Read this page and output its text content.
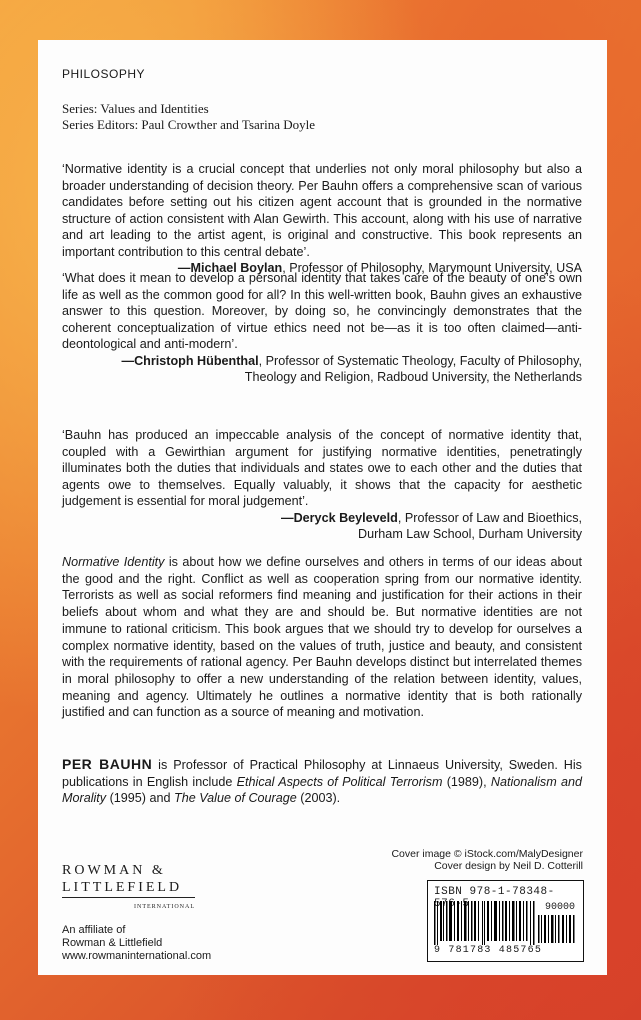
PHILOSOPHY
Series: Values and Identities
Series Editors: Paul Crowther and Tsarina Doyle
‘Normative identity is a crucial concept that underlies not only moral philosophy but also a broader understanding of decision theory. Per Bauhn offers a comprehensive scan of various candidates before setting out his citizen agent account that is grounded in the normative structure of action consistent with Alan Gewirth. This account, along with his use of narrative and art leading to the artist agent, is original and constructive. This book represents an important contribution to this central debate’.
—Michael Boylan, Professor of Philosophy, Marymount University, USA
‘What does it mean to develop a personal identity that takes care of the beauty of one’s own life as well as the common good for all? In this well-written book, Bauhn gives an exhaustive answer to this question. Moreover, by doing so, he convincingly demonstrates that the coherent conceptualization of virtue ethics need not be—as it is too often claimed—anti-deontological and anti-modern’.
—Christoph Hübenthal, Professor of Systematic Theology, Faculty of Philosophy,
Theology and Religion, Radboud University, the Netherlands
‘Bauhn has produced an impeccable analysis of the concept of normative identity that, coupled with a Gewirthian argument for justifying normative identities, penetratingly illuminates both the duties that individuals and states owe to each other and the duties that agents owe to themselves. Equally valuably, it shows that the capacity for aesthetic judgement is essential for moral judgement’.
—Deryck Beyleveld, Professor of Law and Bioethics,
Durham Law School, Durham University
Normative Identity is about how we define ourselves and others in terms of our ideas about the good and the right. Conflict as well as cooperation spring from our normative identity. Terrorists as well as social reformers find meaning and justification for their actions in their beliefs about whom and what they are and should be. But normative identities are not immune to rational criticism. This book argues that we should try to develop for ourselves a complex normative identity, based on the values of truth, justice and beauty, and consistent with the requirements of rational agency. Per Bauhn develops distinct but interrelated themes in moral philosophy to offer a new understanding of the relation between identity, values, meaning and agency. Ultimately he outlines a normative identity that is both rationally justified and can function as a source of meaning and motivation.
PER BAUHN is Professor of Practical Philosophy at Linnaeus University, Sweden. His publications in English include Ethical Aspects of Political Terrorism (1989), Nationalism and Morality (1995) and The Value of Courage (2003).
ROWMAN &
LITTLEFIELD
INTERNATIONAL
An affiliate of
Rowman & Littlefield
www.rowmaninternational.com
Cover image © iStock.com/MalyDesigner
Cover design by Neil D. Cotterill
ISBN 978-1-78348-57 -5	90000
9 781783 485765
